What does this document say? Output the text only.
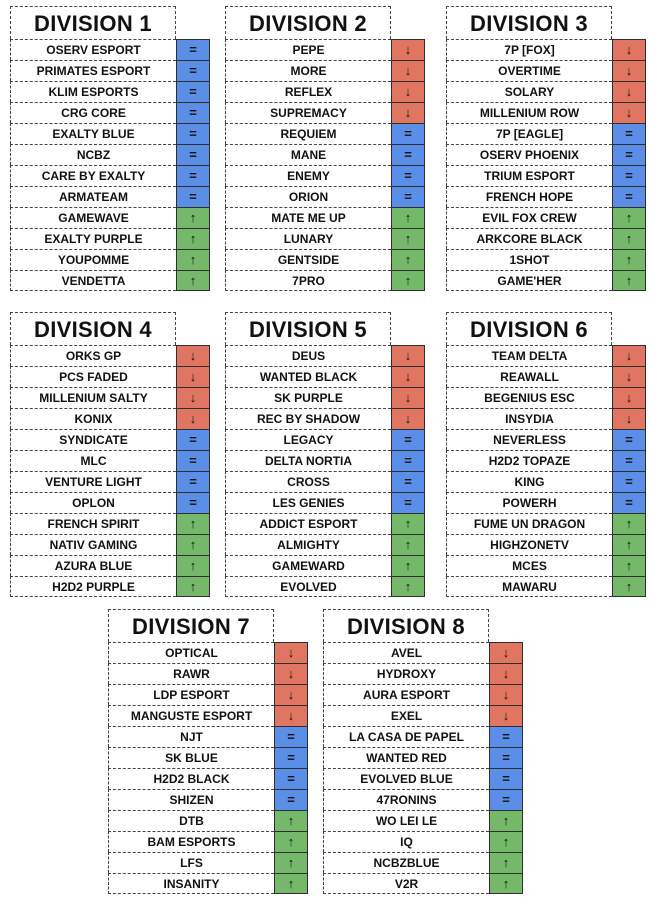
DIVISION 1
OSERV ESPORT	=
PRIMATES ESPORT	=
KLIM ESPORTS	=
CRG CORE	=
EXALTY BLUE	=
NCBZ	=
CARE BY EXALTY	=
ARMATEAM	=
GAMEWAVE	↑
EXALTY PURPLE	↑
YOUPOMME	↑
VENDETTA	↑
DIVISION 2
PEPE	↓
MORE	↓
REFLEX	↓
SUPREMACY	↓
REQUIEM	=
MANE	=
ENEMY	=
ORION	=
MATE ME UP	↑
LUNARY	↑
GENTSIDE	↑
7PRO	↑
DIVISION 3
7P [FOX]	↓
OVERTIME	↓
SOLARY	↓
MILLENIUM ROW	↓
7P [EAGLE]	=
OSERV PHOENIX	=
TRIUM ESPORT	=
FRENCH HOPE	=
EVIL FOX CREW	↑
ARKCORE BLACK	↑
1SHOT	↑
GAME'HER	↑
DIVISION 4
ORKS GP	↓
PCS FADED	↓
MILLENIUM SALTY	↓
KONIX	↓
SYNDICATE	=
MLC	=
VENTURE LIGHT	=
OPLON	=
FRENCH SPIRIT	↑
NATIV GAMING	↑
AZURA BLUE	↑
H2D2 PURPLE	↑
DIVISION 5
DEUS	↓
WANTED BLACK	↓
SK PURPLE	↓
REC BY SHADOW	↓
LEGACY	=
DELTA NORTIA	=
CROSS	=
LES GENIES	=
ADDICT ESPORT	↑
ALMIGHTY	↑
GAMEWARD	↑
EVOLVED	↑
DIVISION 6
TEAM DELTA	↓
REAWALL	↓
BEGENIUS ESC	↓
INSYDIA	↓
NEVERLESS	=
H2D2 TOPAZE	=
KING	=
POWERH	=
FUME UN DRAGON	↑
HIGHZONETV	↑
MCES	↑
MAWARU	↑
DIVISION 7
OPTICAL	↓
RAWR	↓
LDP ESPORT	↓
MANGUSTE ESPORT	↓
NJT	=
SK BLUE	=
H2D2 BLACK	=
SHIZEN	=
DTB	↑
BAM ESPORTS	↑
LFS	↑
INSANITY	↑
DIVISION 8
AVEL	↓
HYDROXY	↓
AURA ESPORT	↓
EXEL	↓
LA CASA DE PAPEL	=
WANTED RED	=
EVOLVED BLUE	=
47RONINS	=
WO LEI LE	↑
IQ	↑
NCBZBLUE	↑
V2R	↑
